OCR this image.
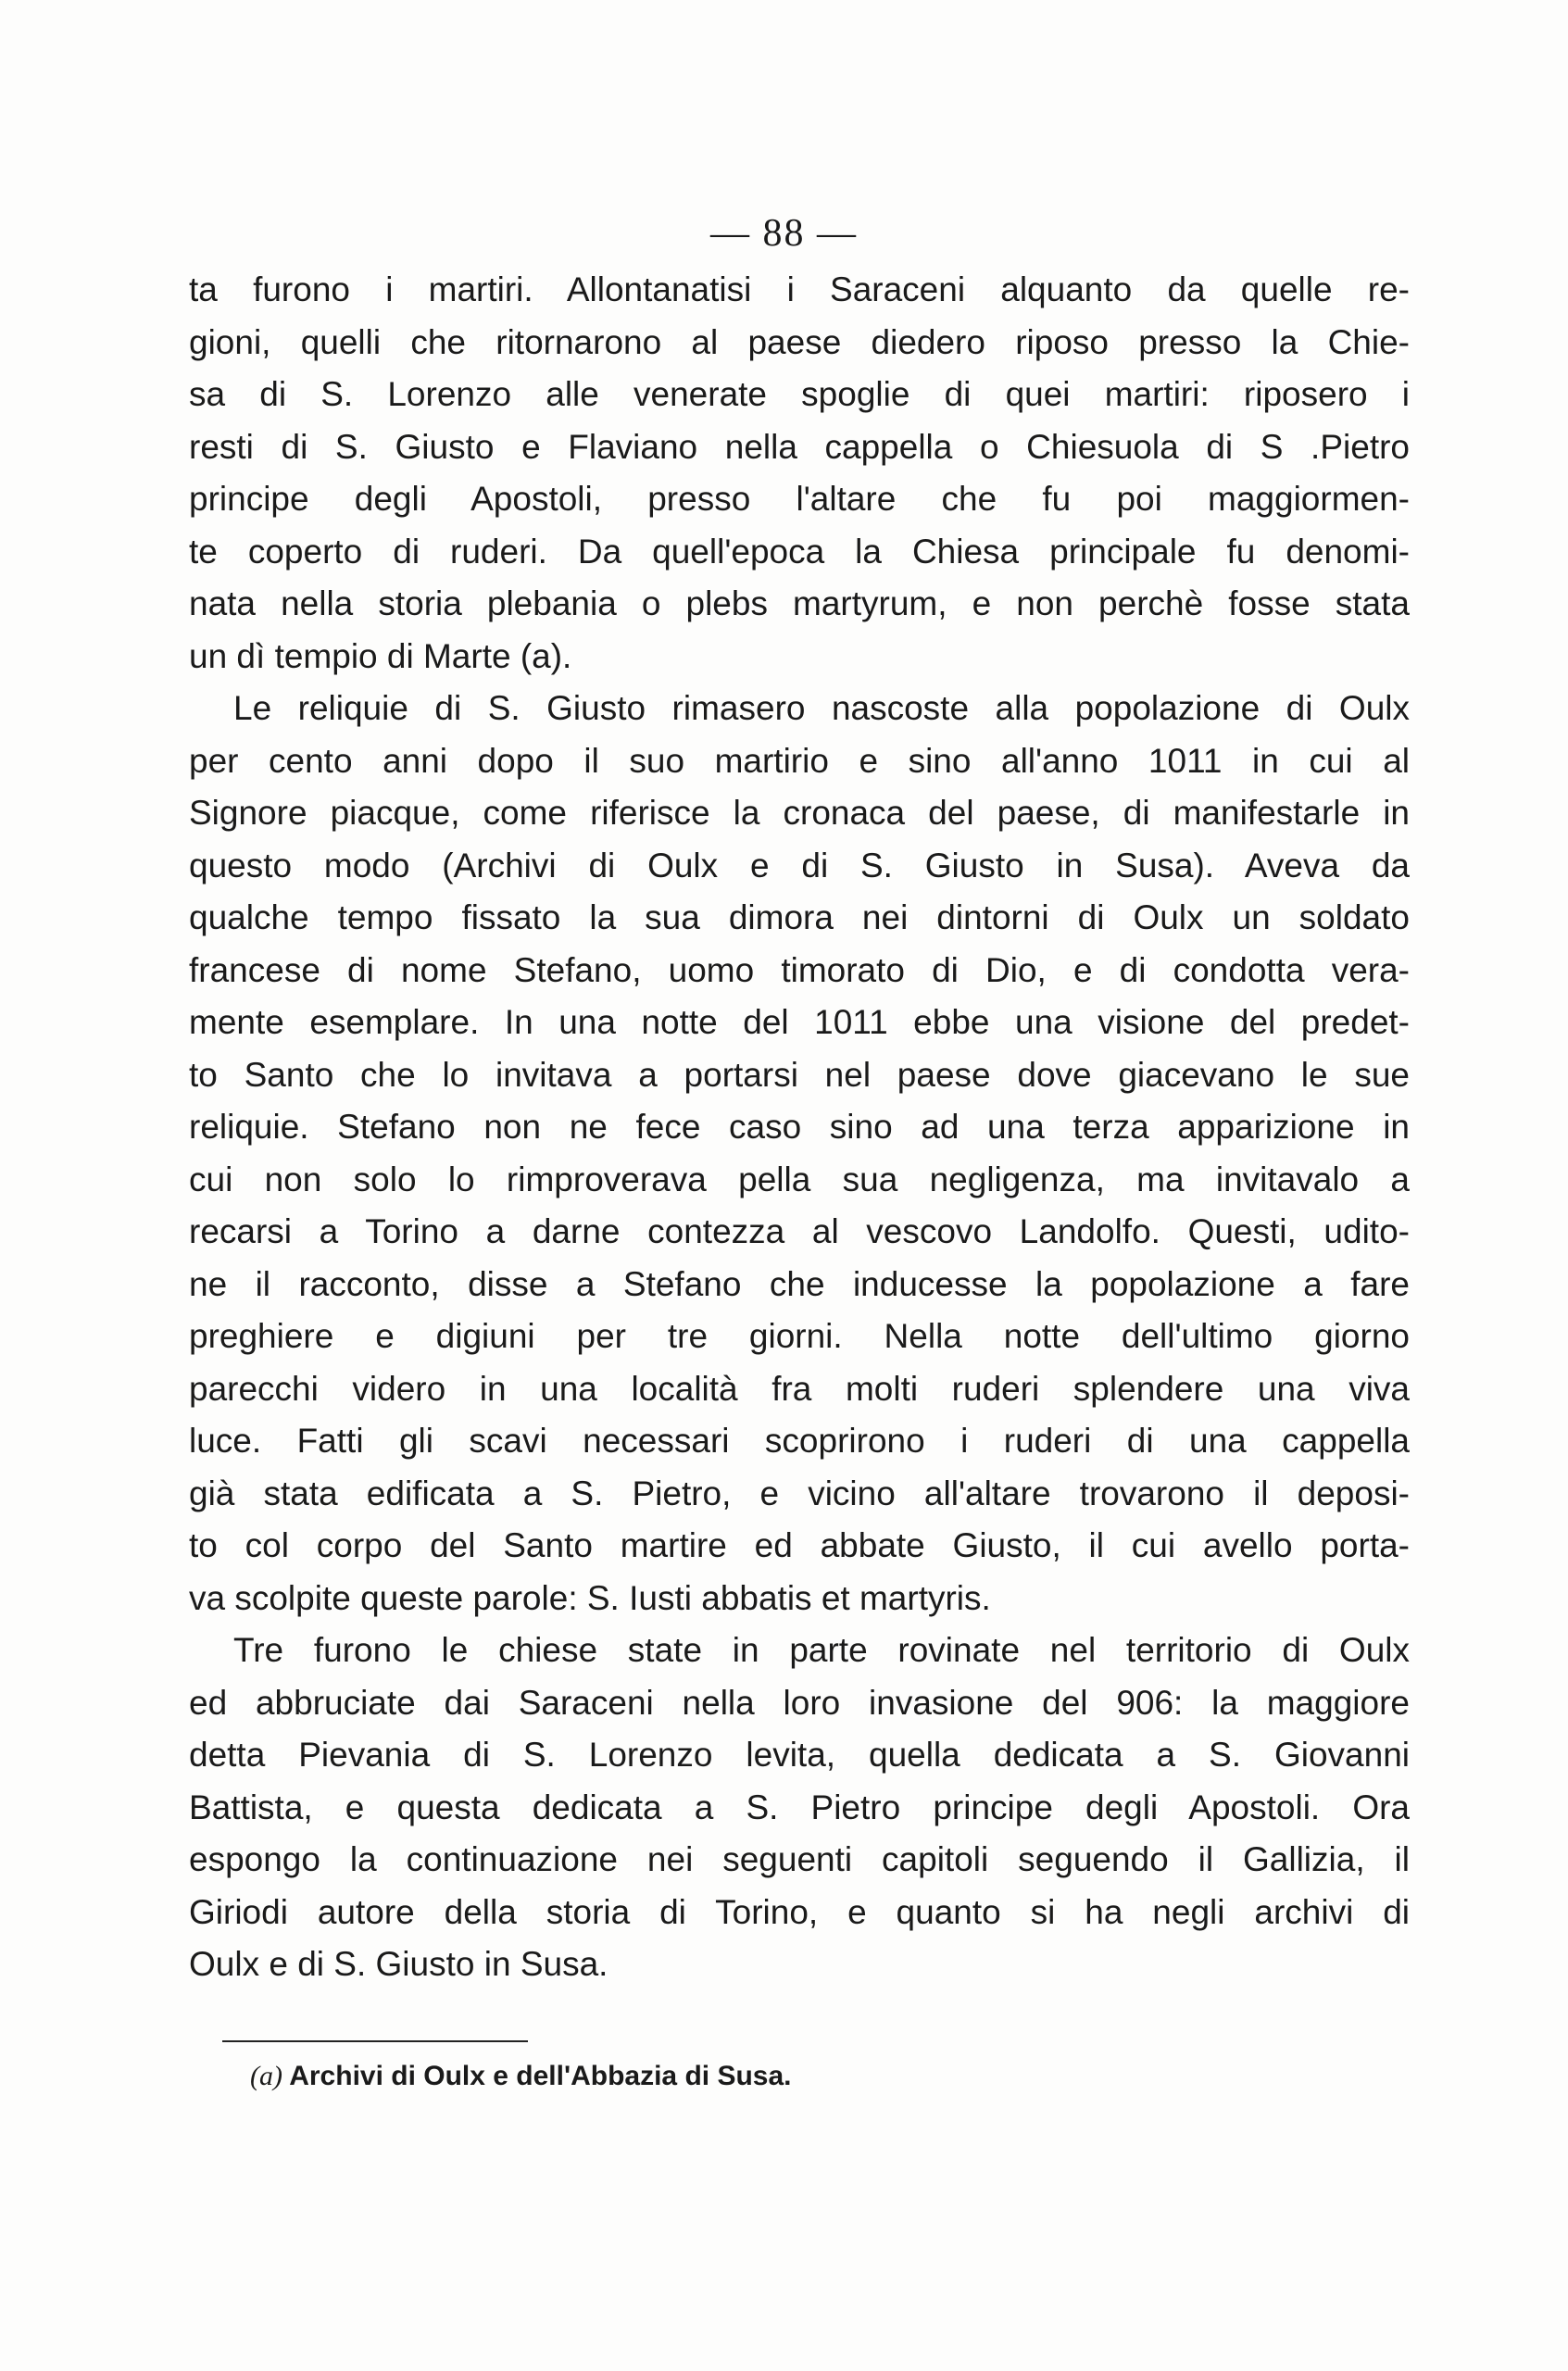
— 88 —

ta furono i martiri. Allontanatisi i Saraceni alquanto da quelle re-
gioni, quelli che ritornarono al paese diedero riposo presso la Chie-
sa di S. Lorenzo alle venerate spoglie di quei martiri: riposero i
resti di S. Giusto e Flaviano nella cappella o Chiesuola di S .Pietro
principe degli Apostoli, presso l'altare che fu poi maggiormen-
te coperto di ruderi. Da quell'epoca la Chiesa principale fu denomi-
nata nella storia plebania o plebs martyrum, e non perchè fosse stata
un dì tempio di Marte (a).

Le reliquie di S. Giusto rimasero nascoste alla popolazione di Oulx
per cento anni dopo il suo martirio e sino all'anno 1011 in cui al
Signore piacque, come riferisce la cronaca del paese, di manifestarle in
questo modo (Archivi di Oulx e di S. Giusto in Susa). Aveva da
qualche tempo fissato la sua dimora nei dintorni di Oulx un soldato
francese di nome Stefano, uomo timorato di Dio, e di condotta vera-
mente esemplare. In una notte del 1011 ebbe una visione del predet-
to Santo che lo invitava a portarsi nel paese dove giacevano le sue
reliquie. Stefano non ne fece caso sino ad una terza apparizione in
cui non solo lo rimproverava pella sua negligenza, ma invitavalo a
recarsi a Torino a darne contezza al vescovo Landolfo. Questi, udito-
ne il racconto, disse a Stefano che inducesse la popolazione a fare
preghiere e digiuni per tre giorni. Nella notte dell'ultimo giorno
parecchi videro in una località fra molti ruderi splendere una viva
luce. Fatti gli scavi necessari scoprirono i ruderi di una cappella
già stata edificata a S. Pietro, e vicino all'altare trovarono il deposi-
to col corpo del Santo martire ed abbate Giusto, il cui avello porta-
va scolpite queste parole: S. Iusti abbatis et martyris.

Tre furono le chiese state in parte rovinate nel territorio di Oulx
ed abbruciate dai Saraceni nella loro invasione del 906: la maggiore
detta Pievania di S. Lorenzo levita, quella dedicata a S. Giovanni
Battista, e questa dedicata a S. Pietro principe degli Apostoli. Ora
espongo la continuazione nei seguenti capitoli seguendo il Gallizia, il
Giriodi autore della storia di Torino, e quanto si ha negli archivi di
Oulx e di S. Giusto in Susa.

(a) Archivi di Oulx e dell'Abbazia di Susa.
